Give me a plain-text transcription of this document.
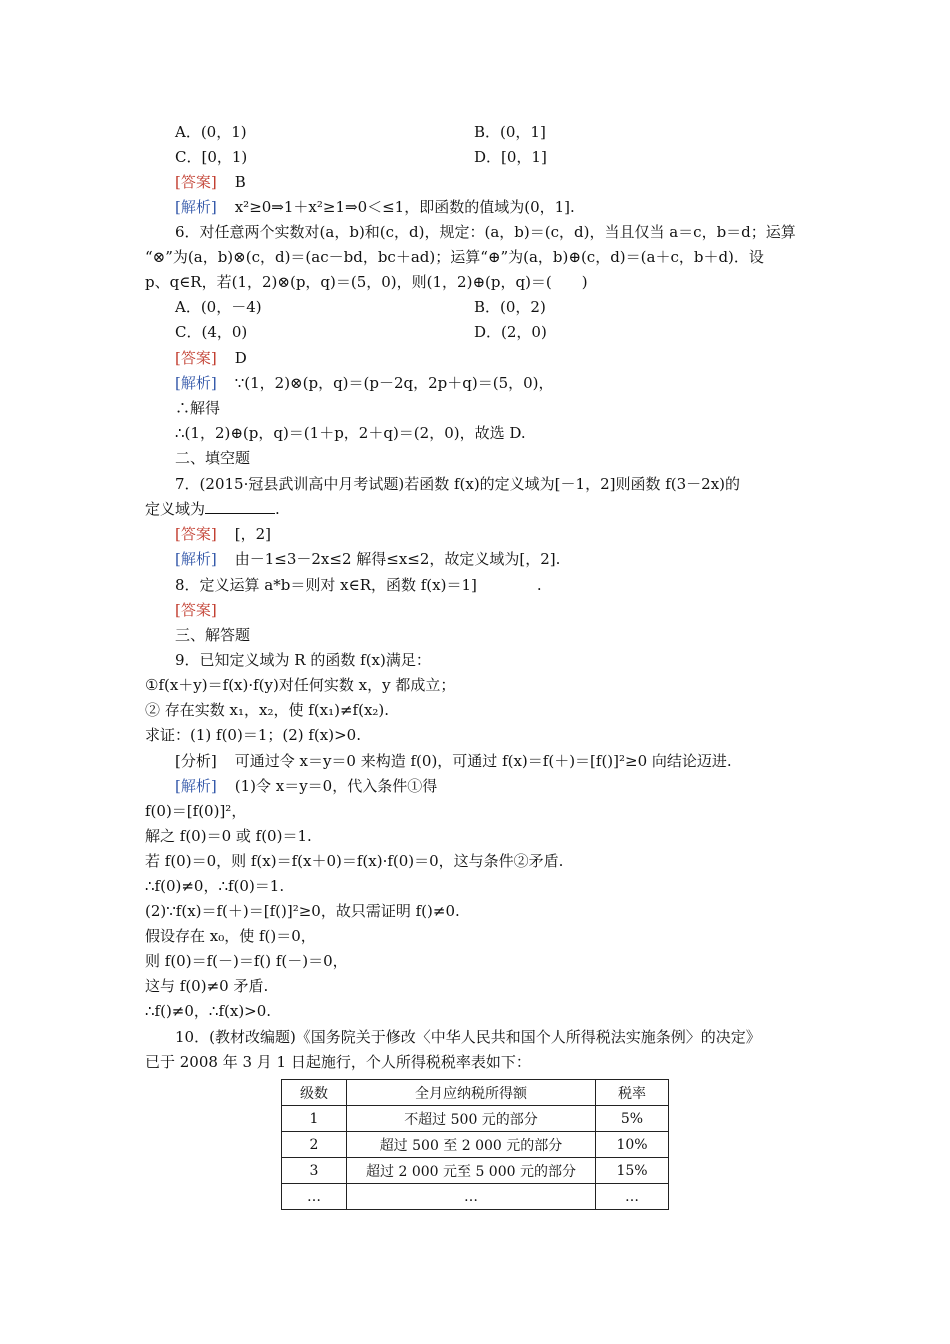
A．(0，1)	B．(0，1]
C．[0，1)	D．[0，1]
[答案] B
[解析] x²≥0⇒1＋x²≥1⇒0＜≤1，即函数的值域为(0，1].
6．对任意两个实数对(a，b)和(c，d)，规定：(a，b)＝(c，d)，当且仅当 a＝c，b＝d；运算
“⊗”为(a，b)⊗(c，d)＝(ac－bd，bc＋ad)；运算“⊕”为(a，b)⊕(c，d)＝(a＋c，b＋d)．设
p、q∈R，若(1，2)⊗(p，q)＝(5，0)，则(1，2)⊕(p，q)＝(　　)
A．(0，－4)	B．(0，2)
C．(4，0)	D．(2，0)
[答案] D
[解析] ∵(1，2)⊗(p，q)＝(p－2q，2p＋q)＝(5，0)，
∴解得
∴(1，2)⊕(p，q)＝(1＋p，2＋q)＝(2，0)，故选 D.
二、填空题
7．(2015·冠县武训高中月考试题)若函数 f(x)的定义域为[－1，2]则函数 f(3－2x)的
定义域为	.
[答案] [，2]
[解析] 由－1≤3－2x≤2 解得≤x≤2，故定义域为[，2].
8．定义运算 a*b＝则对 x∈R，函数 f(x)＝1]　　　　.
[答案]
三、解答题
9．已知定义域为 R 的函数 f(x)满足：
①f(x＋y)＝f(x)·f(y)对任何实数 x，y 都成立；
② 存在实数 x₁，x₂，使 f(x₁)≠f(x₂).
求证：(1) f(0)＝1；(2) f(x)>0.
[分析] 可通过令 x＝y＝0 来构造 f(0)，可通过 f(x)＝f(＋)＝[f()]²≥0 向结论迈进.
[解析] (1)令 x＝y＝0，代入条件①得
f(0)＝[f(0)]²，
解之 f(0)＝0 或 f(0)＝1.
若 f(0)＝0，则 f(x)＝f(x＋0)＝f(x)·f(0)＝0，这与条件②矛盾.
∴f(0)≠0，∴f(0)＝1.
(2)∵f(x)＝f(＋)＝[f()]²≥0，故只需证明 f()≠0.
假设存在 x₀，使 f()＝0，
则 f(0)＝f(－)＝f() f(－)＝0，
这与 f(0)≠0 矛盾.
∴f()≠0，∴f(x)>0.
10．(教材改编题)《国务院关于修改〈中华人民共和国个人所得税法实施条例〉的决定》
已于 2008 年 3 月 1 日起施行，个人所得税税率表如下：
级数	全月应纳税所得额	税率
1	不超过 500 元的部分	5%
2	超过 500 至 2 000 元的部分	10%
3	超过 2 000 元至 5 000 元的部分	15%
…	…	…
